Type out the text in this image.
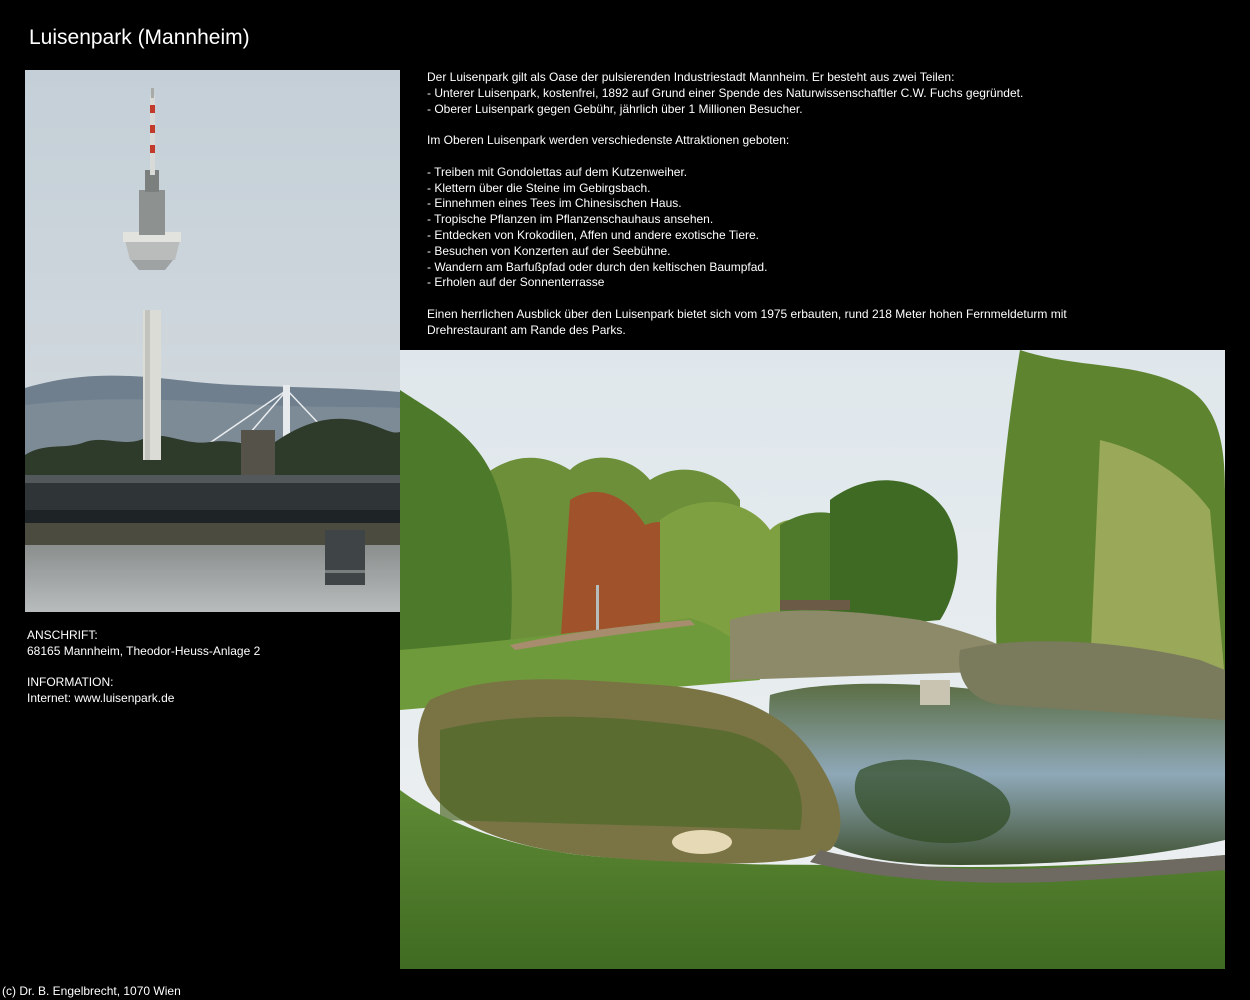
Luisenpark (Mannheim)
Der Luisenpark gilt als Oase der pulsierenden Industriestadt Mannheim. Er besteht aus zwei Teilen:
- Unterer Luisenpark, kostenfrei, 1892 auf Grund einer Spende des Naturwissenschaftler C.W. Fuchs gegründet.
- Oberer Luisenpark gegen Gebühr, jährlich über 1 Millionen Besucher.
Im Oberen Luisenpark werden verschiedenste Attraktionen geboten:
- Treiben mit Gondolettas auf dem Kutzenweiher.
- Klettern über die Steine im Gebirgsbach.
- Einnehmen eines Tees im Chinesischen Haus.
- Tropische Pflanzen im Pflanzenschauhaus ansehen.
- Entdecken von Krokodilen, Affen und andere exotische Tiere.
- Besuchen von Konzerten auf der Seebühne.
- Wandern am Barfußpfad oder durch den keltischen Baumpfad.
- Erholen auf der Sonnenterrasse
Einen herrlichen Ausblick über den Luisenpark bietet sich vom 1975 erbauten, rund 218 Meter hohen Fernmeldeturm mit
Drehrestaurant am Rande des Parks.
ANSCHRIFT:
68165 Mannheim, Theodor-Heuss-Anlage 2
INFORMATION:
Internet: www.luisenpark.de
(c) Dr. B. Engelbrecht, 1070 Wien
